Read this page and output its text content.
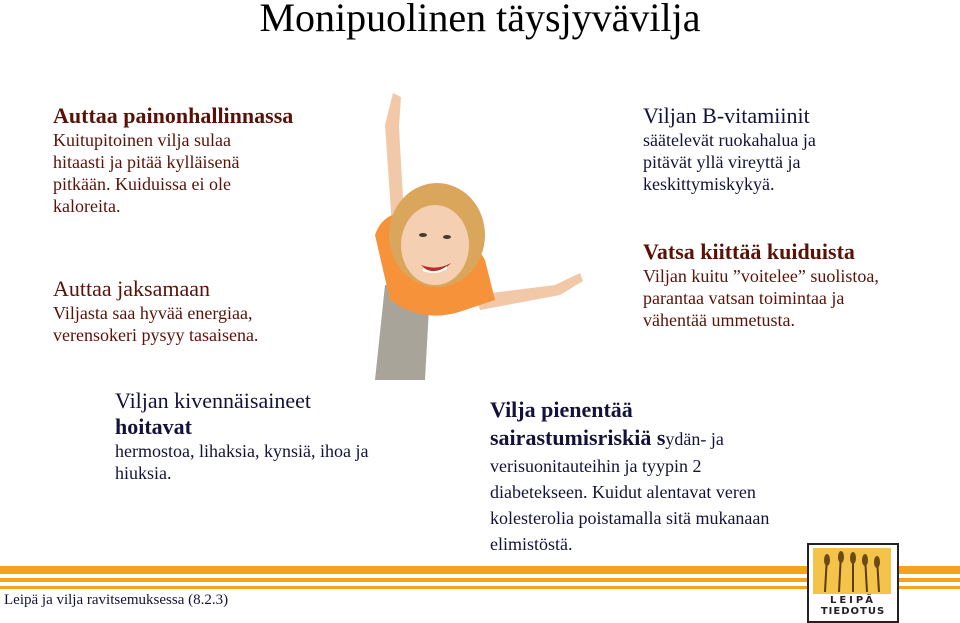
Monipuolinen täysjyvävilja
Auttaa painonhallinnassa
Kuitupitoinen vilja sulaa
hitaasti ja pitää kylläisenä
pitkään. Kuiduissa ei ole
kaloreita.
Auttaa jaksamaan
Viljasta saa hyvää energiaa,
verensokeri pysyy tasaisena.
Viljan B-vitamiinit
säätelevät ruokahalua ja
pitävät yllä vireyttä ja
keskittymiskykyä.
Vatsa kiittää kuiduista
Viljan kuitu ”voitelee” suolistoa,
parantaa vatsan toimintaa ja
vähentää ummetusta.
Viljan kivennäisaineet
hoitavat
hermostoa, lihaksia, kynsiä, ihoa ja
hiuksia.
Vilja pienentää
sairastumisriskiä sydän- ja
verisuonitauteihin ja tyypin 2
diabetekseen. Kuidut alentavat veren
kolesterolia poistamalla sitä mukanaan
elimistöstä.
Leipä ja vilja ravitsemuksessa (8.2.3)	LEIPÄ
TIEDOTUS
